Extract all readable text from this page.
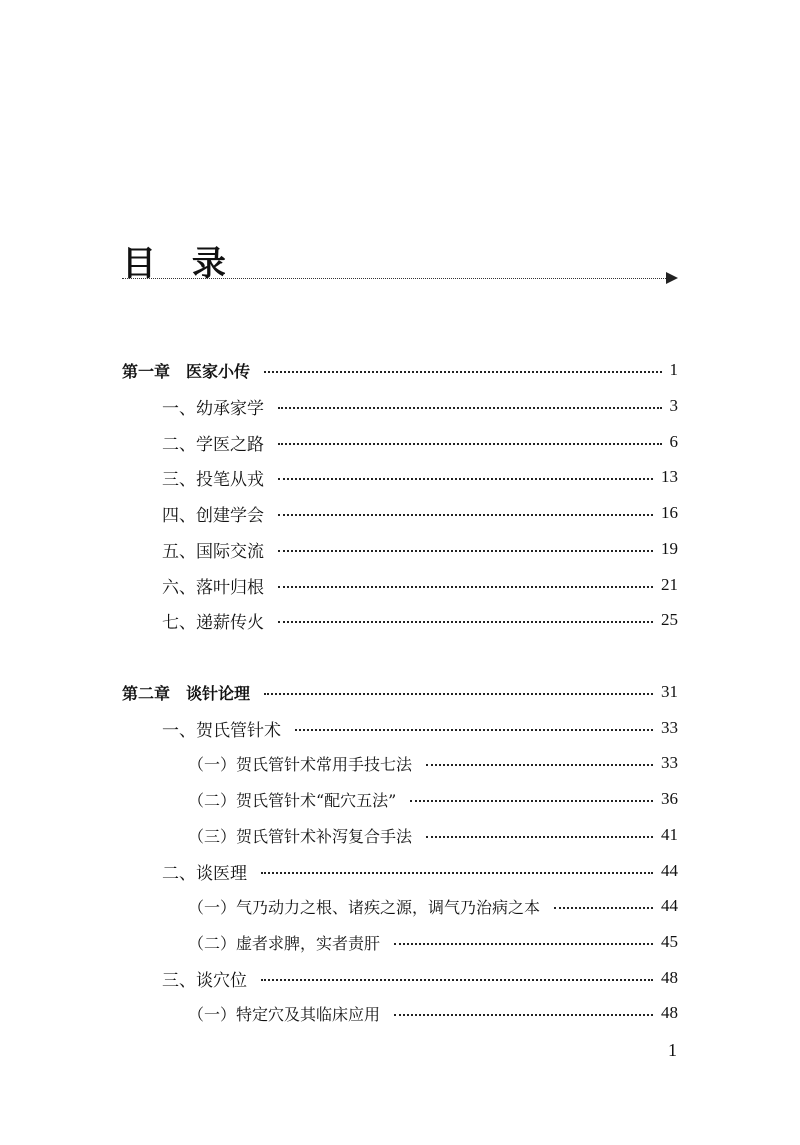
目 录
第一章　医家小传	1
一、幼承家学	3
二、学医之路	6
三、投笔从戎	13
四、创建学会	16
五、国际交流	19
六、落叶归根	21
七、递薪传火	25
第二章　谈针论理	31
一、贺氏管针术	33
（一）贺氏管针术常用手技七法	33
（二）贺氏管针术“配穴五法”	36
（三）贺氏管针术补泻复合手法	41
二、谈医理	44
（一）气乃动力之根、诸疾之源，调气乃治病之本	44
（二）虚者求脾，实者责肝	45
三、谈穴位	48
（一）特定穴及其临床应用	48
1
